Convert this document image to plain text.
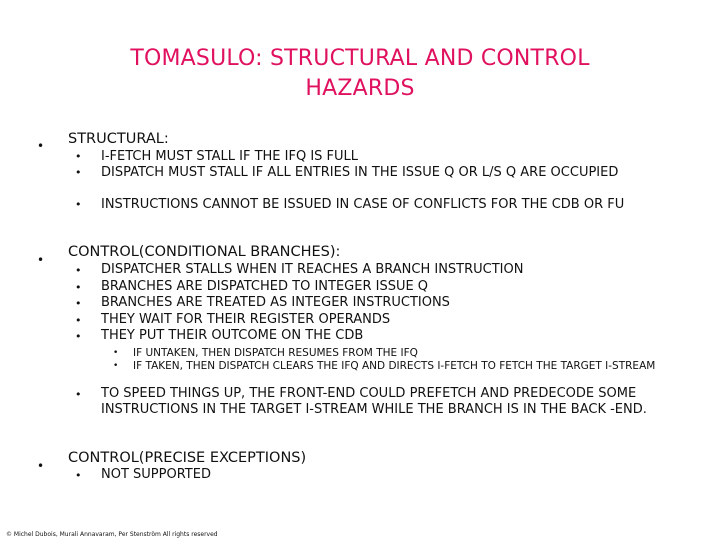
TOMASULO: STRUCTURAL AND CONTROL
HAZARDS
• STRUCTURAL:
• I-FETCH MUST STALL IF THE IFQ IS FULL
• DISPATCH MUST STALL IF ALL ENTRIES IN THE ISSUE Q OR L/S Q ARE OCCUPIED
• INSTRUCTIONS CANNOT BE ISSUED IN CASE OF CONFLICTS FOR THE CDB OR FU
• CONTROL(CONDITIONAL BRANCHES):
• DISPATCHER STALLS WHEN IT REACHES A BRANCH INSTRUCTION
• BRANCHES ARE DISPATCHED TO INTEGER ISSUE Q
• BRANCHES ARE TREATED AS INTEGER INSTRUCTIONS
• THEY WAIT FOR THEIR REGISTER OPERANDS
• THEY PUT THEIR OUTCOME ON THE CDB
• IF UNTAKEN, THEN DISPATCH RESUMES FROM THE IFQ
• IF TAKEN, THEN DISPATCH CLEARS THE IFQ AND DIRECTS I-FETCH TO FETCH THE TARGET I-STREAM
• TO SPEED THINGS UP, THE FRONT-END COULD PREFETCH AND PREDECODE SOME INSTRUCTIONS IN THE TARGET I-STREAM WHILE THE BRANCH IS IN THE BACK -END.
• CONTROL(PRECISE EXCEPTIONS)
• NOT SUPPORTED
© Michel Dubois, Murali Annavaram, Per Stenström All rights reserved
